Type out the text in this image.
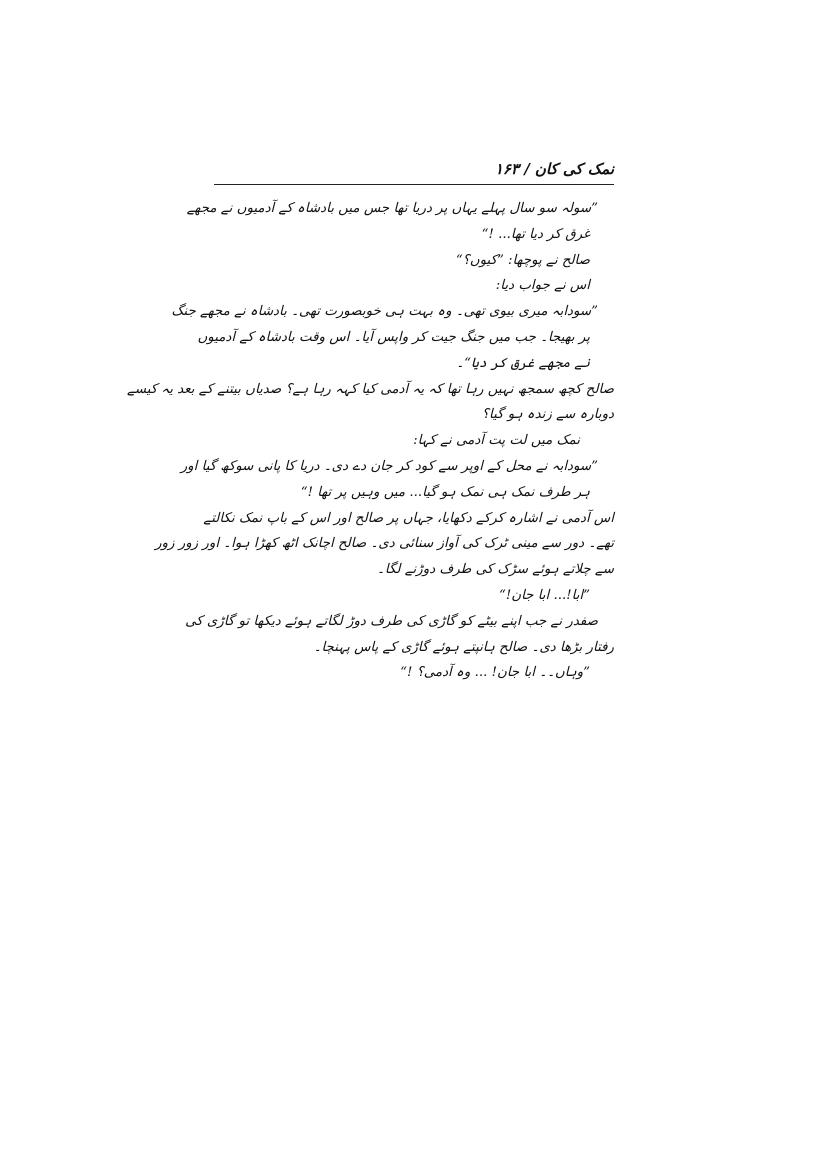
نمک کی کان / ۱۶۳
”سولہ سو سال پہلے یہاں پر دریا تھا جس میں بادشاہ کے آدمیوں نے مجھے
غرق کر دیا تھا... !“
صالح نے پوچھا: ”کیوں؟“
اس نے جواب دیا:
”سودابہ میری بیوی تھی۔ وہ بہت ہی خوبصورت تھی۔ بادشاہ نے مجھے جنگ
پر بھیجا۔ جب میں جنگ جیت کر واپس آیا۔ اس وقت بادشاہ کے آدمیوں
نے مجھے غرق کر دیا“۔
صالح کچھ سمجھ نہیں رہا تھا کہ یہ آدمی کیا کہہ رہا ہے؟ صدیاں بیتنے کے بعد یہ کیسے
دوبارہ سے زندہ ہو گیا؟
نمک میں لت پت آدمی نے کہا:
”سودابہ نے محل کے اوپر سے کود کر جان دے دی۔ دریا کا پانی سوکھ گیا اور
ہر طرف نمک ہی نمک ہو گیا... میں وہیں پر تھا !“
اس آدمی نے اشارہ کرکے دکھایا، جہاں پر صالح اور اس کے باپ نمک نکالتے
تھے۔ دور سے مینی ٹرک کی آواز سنائی دی۔ صالح اچانک اٹھ کھڑا ہوا۔ اور زور زور
سے چلاتے ہوئے سڑک کی طرف دوڑنے لگا۔
”ابا!... ابا جان!“
صفدر نے جب اپنے بیٹے کو گاڑی کی طرف دوڑ لگاتے ہوئے دیکھا تو گاڑی کی
رفتار بڑھا دی۔ صالح ہانپتے ہوئے گاڑی کے پاس پہنچا۔
”وہاں۔۔ ابا جان! ... وہ آدمی؟ !“
